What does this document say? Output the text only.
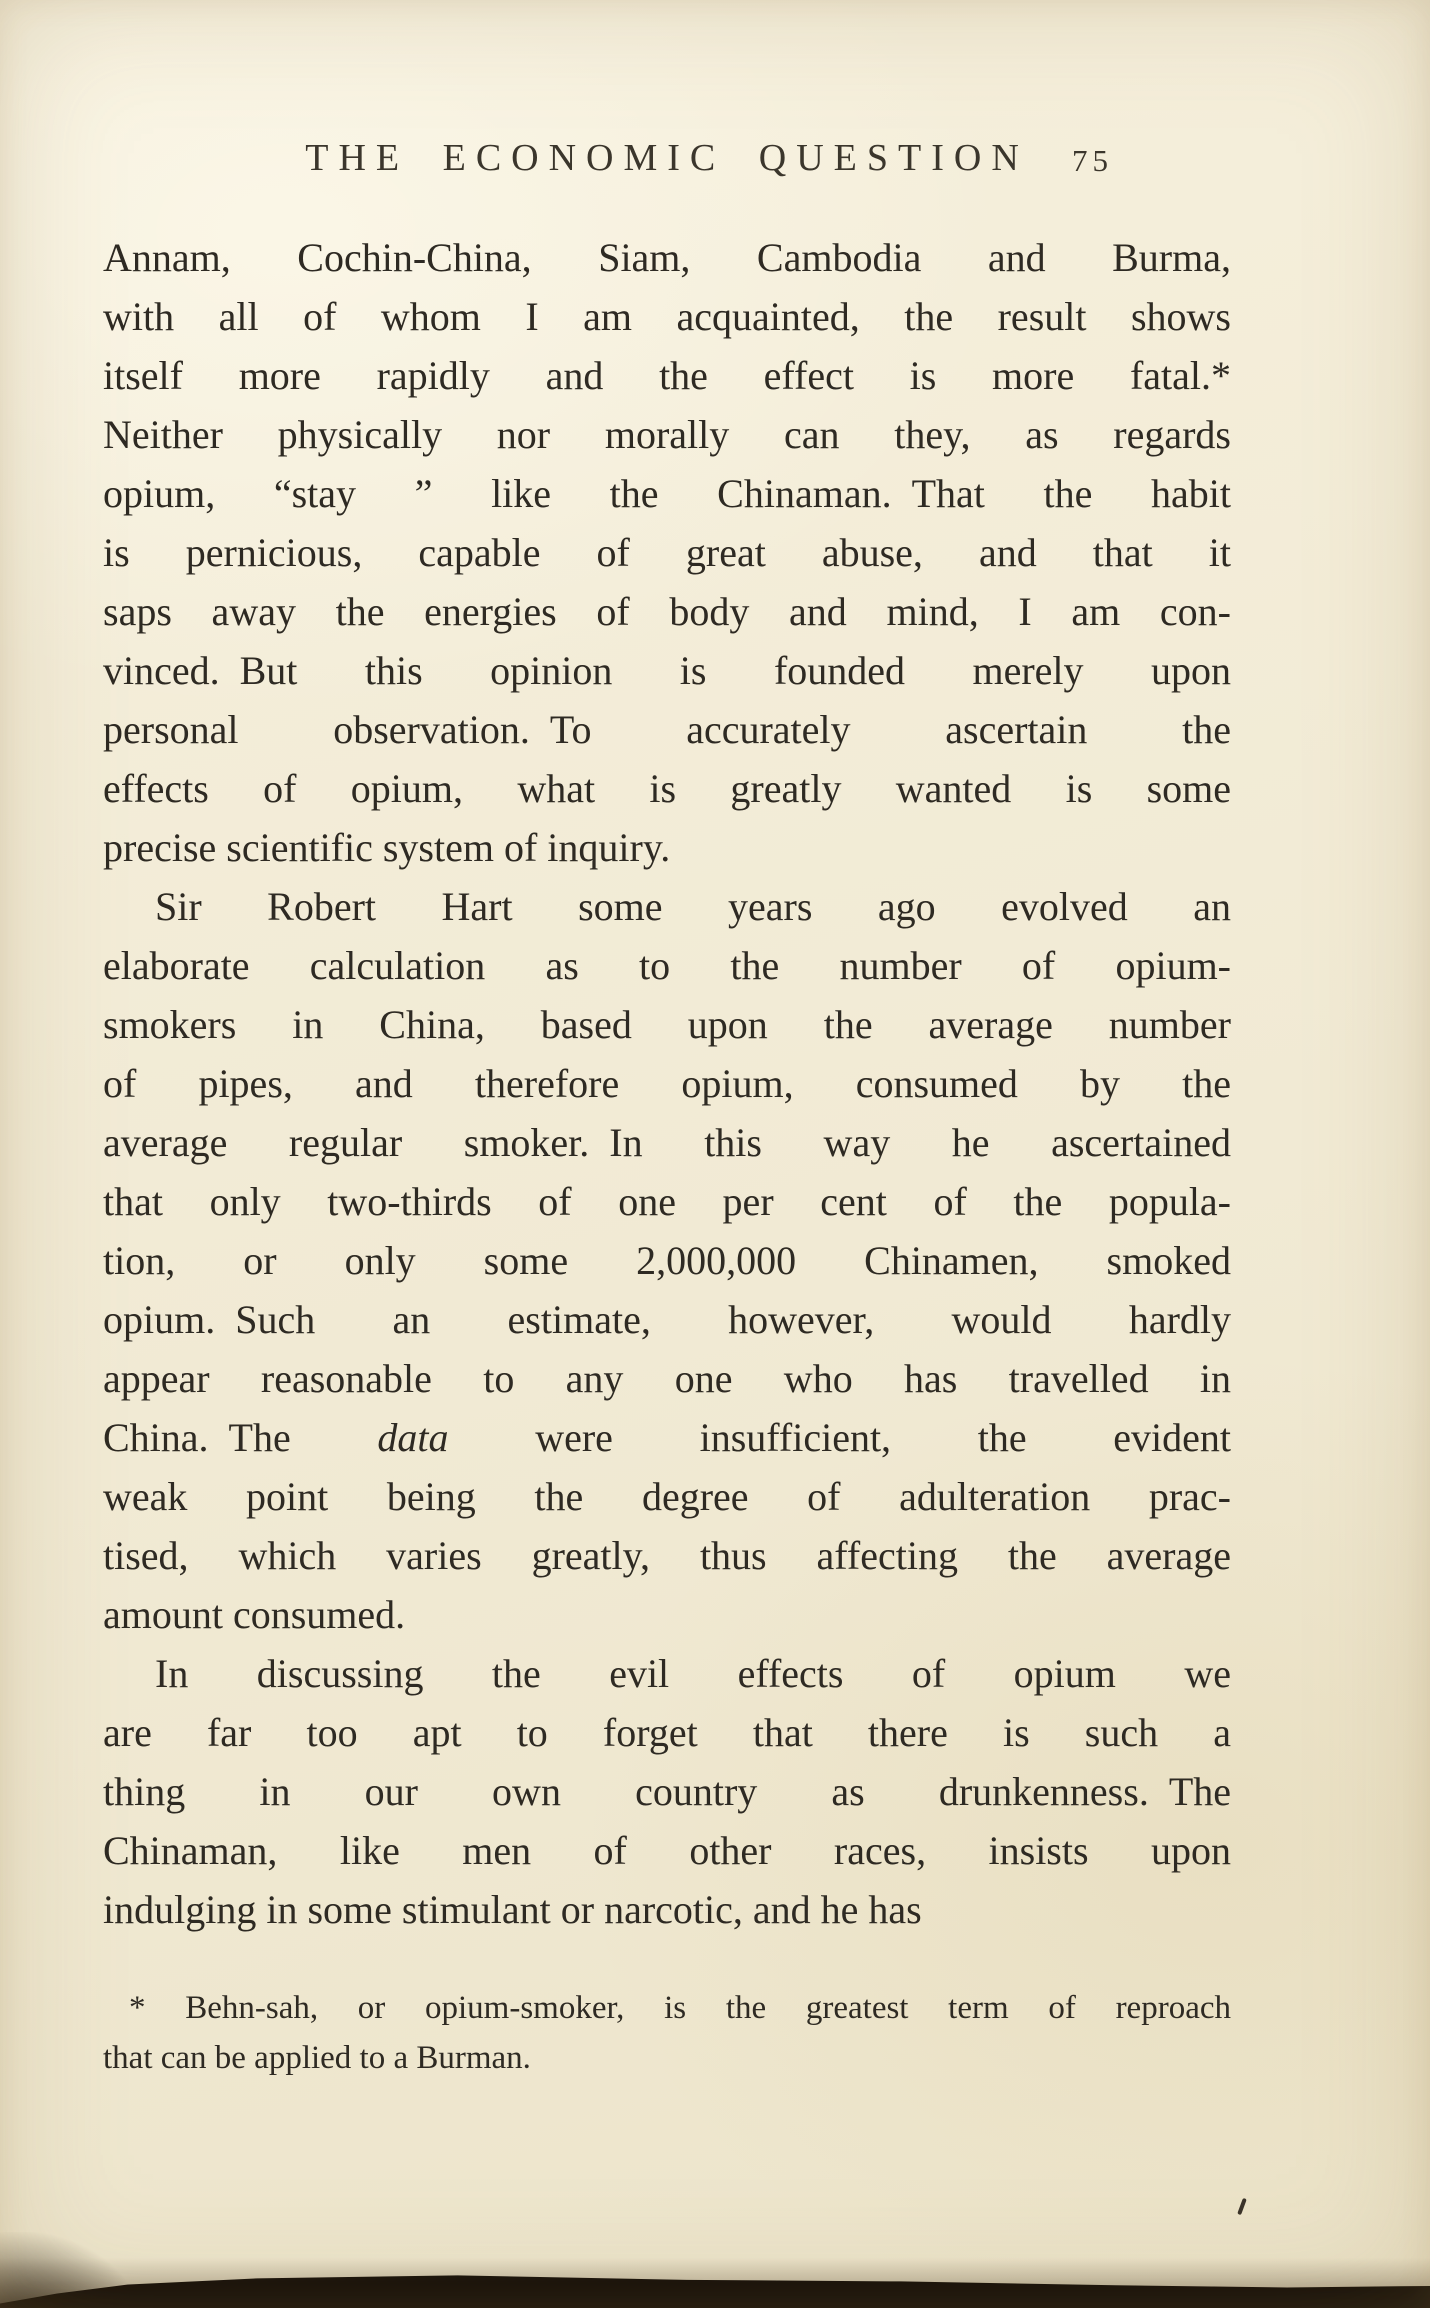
THE ECONOMIC QUESTION 75
Annam, Cochin-China, Siam, Cambodia and Burma,
with all of whom I am acquainted, the result shows
itself more rapidly and the effect is more fatal.*
Neither physically nor morally can they, as regards
opium, “stay ” like the Chinaman. That the habit
is pernicious, capable of great abuse, and that it
saps away the energies of body and mind, I am con-
vinced. But this opinion is founded merely upon
personal observation. To accurately ascertain the
effects of opium, what is greatly wanted is some
precise scientific system of inquiry.
Sir Robert Hart some years ago evolved an
elaborate calculation as to the number of opium-
smokers in China, based upon the average number
of pipes, and therefore opium, consumed by the
average regular smoker. In this way he ascertained
that only two-thirds of one per cent of the popula-
tion, or only some 2,000,000 Chinamen, smoked
opium. Such an estimate, however, would hardly
appear reasonable to any one who has travelled in
China. The data were insufficient, the evident
weak point being the degree of adulteration prac-
tised, which varies greatly, thus affecting the average
amount consumed.
In discussing the evil effects of opium we
are far too apt to forget that there is such a
thing in our own country as drunkenness. The
Chinaman, like men of other races, insists upon
indulging in some stimulant or narcotic, and he has
* Behn-sah, or opium-smoker, is the greatest term of reproach
that can be applied to a Burman.
